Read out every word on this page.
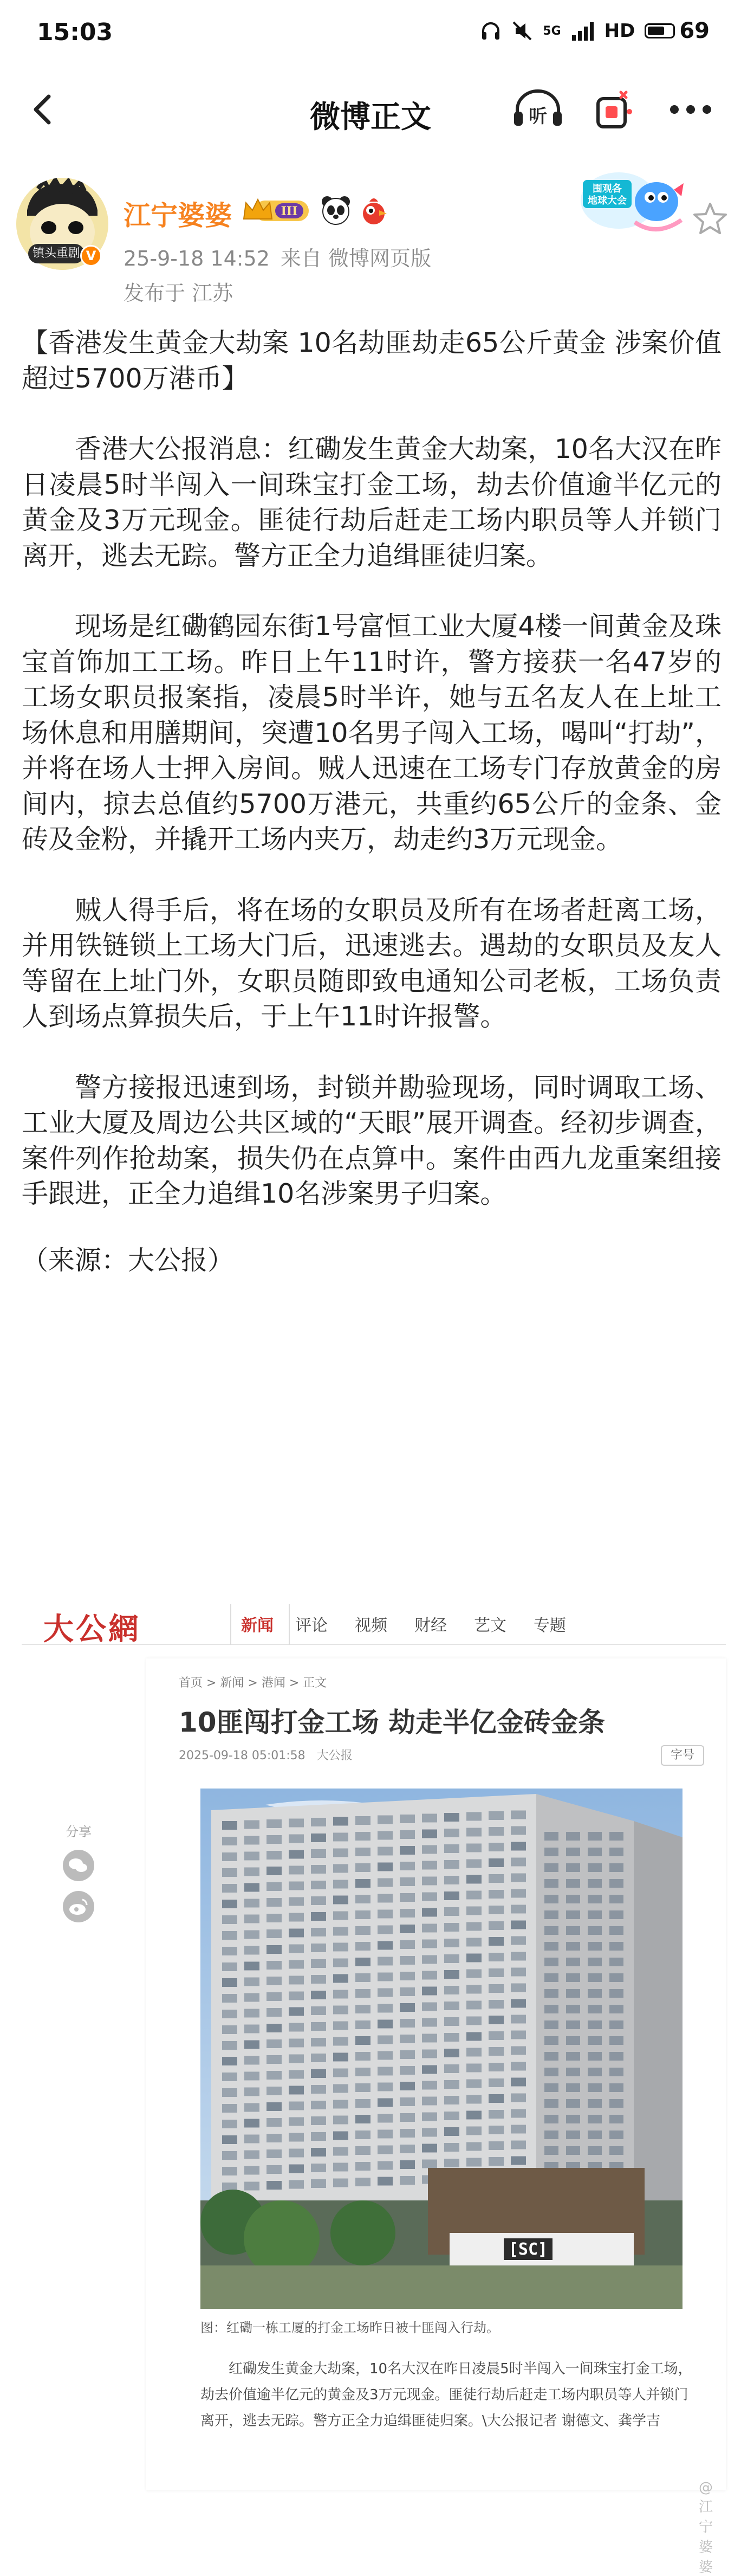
15:03	5G HD 69
微博正文	听
镇头重剧 V
江宁婆婆	III
25-9-18 14:52 来自 微博网页版
发布于 江苏
围观各
地球大会

【香港发生黄金大劫案 10名劫匪劫走65公斤黄金 涉案价值超过5700万港币】

香港大公报消息：红磡发生黄金大劫案，10名大汉在昨日凌晨5时半闯入一间珠宝打金工场，劫去价值逾半亿元的黄金及3万元现金。匪徒行劫后赶走工场内职员等人并锁门离开，逃去无踪。警方正全力追缉匪徒归案。

现场是红磡鹤园东街1号富恒工业大厦4楼一间黄金及珠宝首饰加工工场。昨日上午11时许，警方接获一名47岁的工场女职员报案指，凌晨5时半许，她与五名友人在上址工场休息和用膳期间，突遭10名男子闯入工场，喝叫“打劫”，并将在场人士押入房间。贼人迅速在工场专门存放黄金的房间内，掠去总值约5700万港元，共重约65公斤的金条、金砖及金粉，并撬开工场内夹万，劫走约3万元现金。

贼人得手后，将在场的女职员及所有在场者赶离工场，并用铁链锁上工场大门后，迅速逃去。遇劫的女职员及友人等留在上址门外，女职员随即致电通知公司老板，工场负责人到场点算损失后，于上午11时许报警。

警方接报迅速到场，封锁并勘验现场，同时调取工场、工业大厦及周边公共区域的“天眼”展开调查。经初步调查，案件列作抢劫案，损失仍在点算中。案件由西九龙重案组接手跟进，正全力追缉10名涉案男子归案。

（来源：大公报）

大公網	新闻 评论 视频 财经 艺文 专题
分享
首页 > 新闻 > 港闻 > 正文
10匪闯打金工场 劫走半亿金砖金条
2025-09-18 05:01:58 大公报	字号
[SC]
图：红磡一栋工厦的打金工场昨日被十匪闯入行劫。
红磡发生黄金大劫案，10名大汉在昨日凌晨5时半闯入一间珠宝打金工场，劫去价值逾半亿元的黄金及3万元现金。匪徒行劫后赶走工场内职员等人并锁门离开，逃去无踪。警方正全力追缉匪徒归案。\大公报记者 谢德文、龚学吉
@江宁婆婆
